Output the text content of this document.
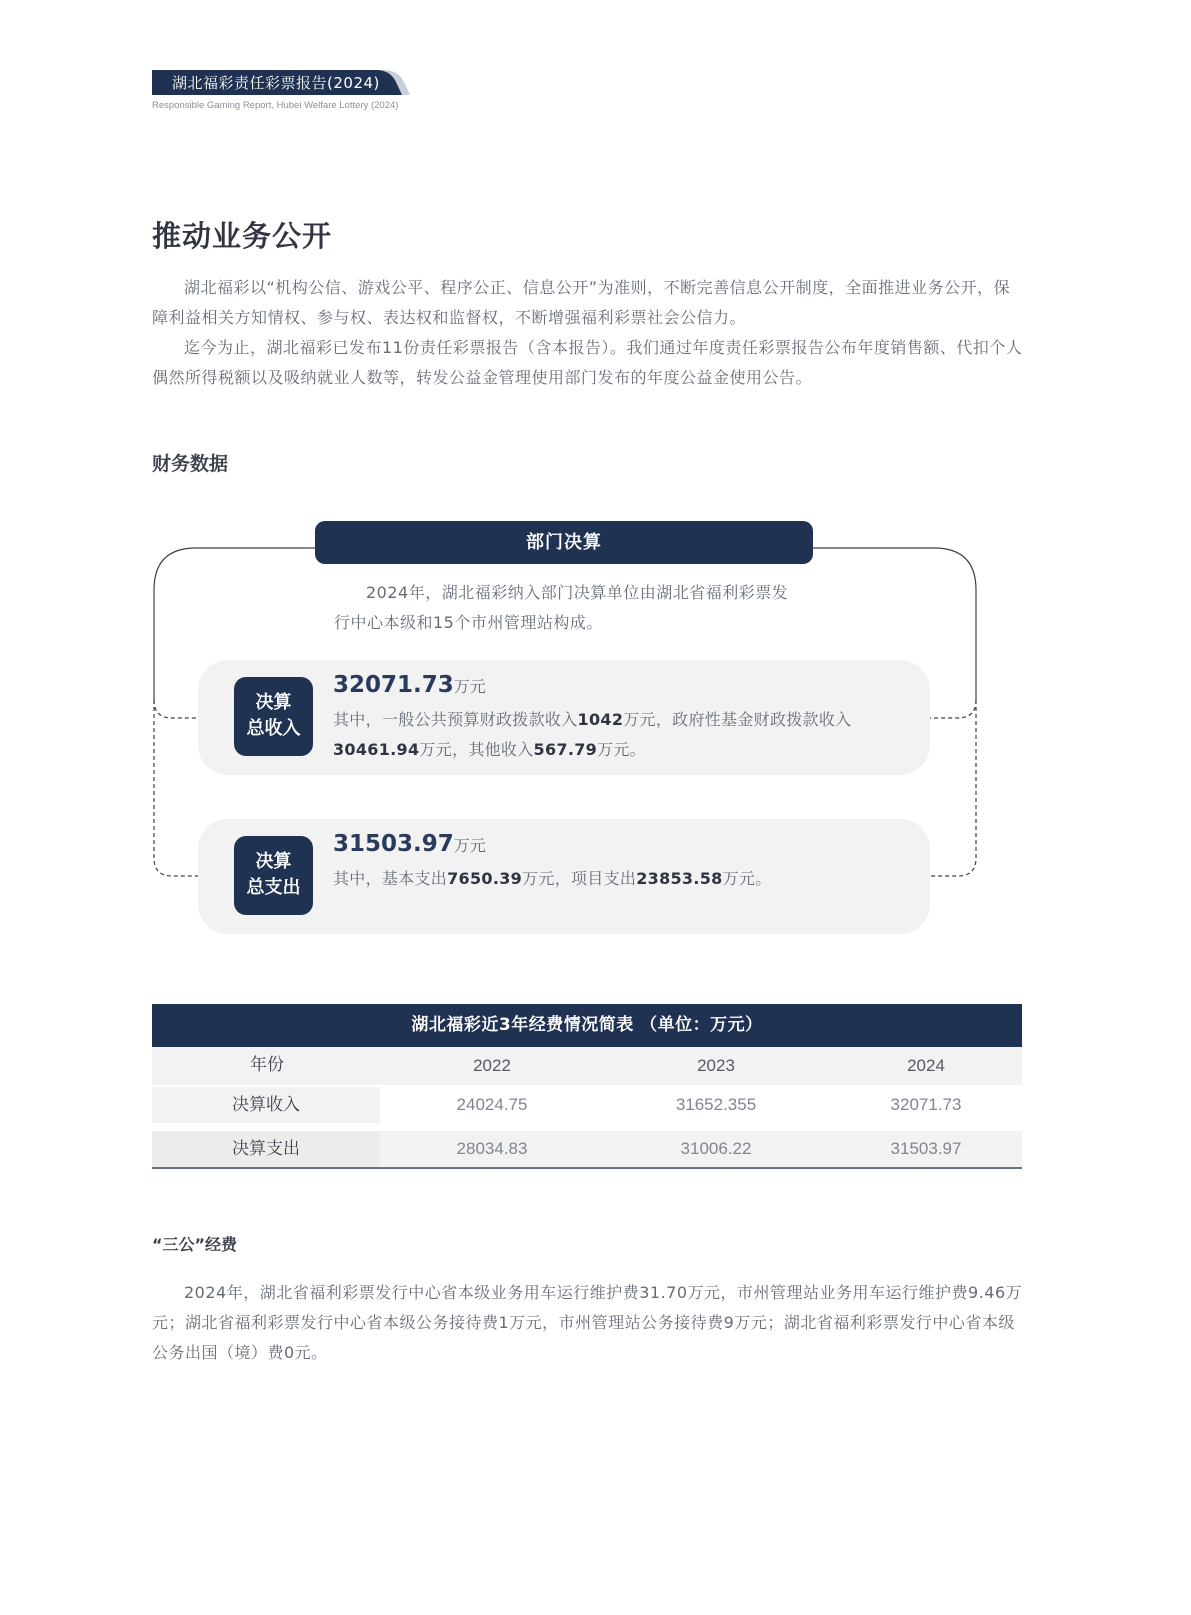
湖北福彩责任彩票报告(2024)
Responsible Gaming Report, Hubei Welfare Lottery (2024)
推动业务公开

湖北福彩以“机构公信、游戏公平、程序公正、信息公开”为准则，不断完善信息公开制度，全面推进业务公开，保障利益相关方知情权、参与权、表达权和监督权，不断增强福利彩票社会公信力。

迄今为止，湖北福彩已发布11份责任彩票报告（含本报告）。我们通过年度责任彩票报告公布年度销售额、代扣个人偶然所得税额以及吸纳就业人数等，转发公益金管理使用部门发布的年度公益金使用公告。

财务数据
部门决算

2024年，湖北福彩纳入部门决算单位由湖北省福利彩票发行中心本级和15个市州管理站构成。

决算
总收入
32071.73万元

其中，一般公共预算财政拨款收入1042万元，政府性基金财政拨款收入30461.94万元，其他收入567.79万元。

决算
总支出
31503.97万元

其中，基本支出7650.39万元，项目支出23853.58万元。

湖北福彩近3年经费情况简表 （单位：万元）
年份	2022	2023	2024
决算收入	24024.75	31652.355	32071.73
决算支出	28034.83	31006.22	31503.97
“三公”经费

2024年，湖北省福利彩票发行中心省本级业务用车运行维护费31.70万元，市州管理站业务用车运行维护费9.46万元；湖北省福利彩票发行中心省本级公务接待费1万元，市州管理站公务接待费9万元；湖北省福利彩票发行中心省本级公务出国（境）费0元。
